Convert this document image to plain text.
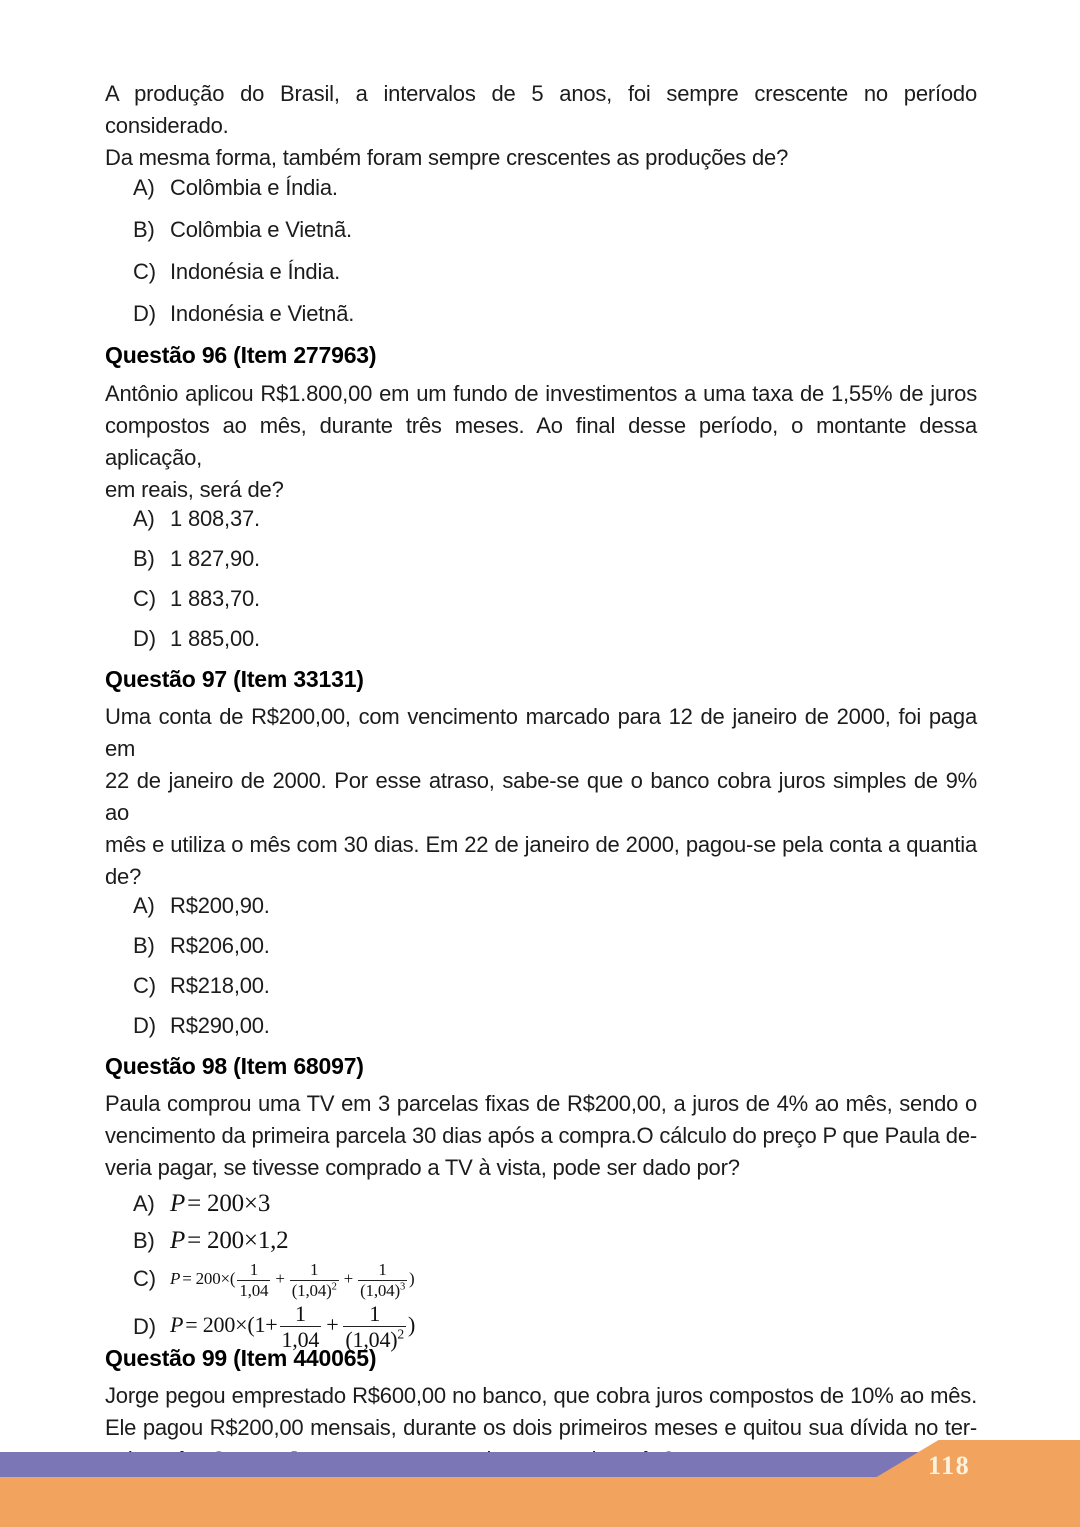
A produção do Brasil, a intervalos de 5 anos, foi sempre crescente no período considerado.
Da mesma forma, também foram sempre crescentes as produções de?
A) Colômbia e Índia.
B) Colômbia e Vietnã.
C) Indonésia e Índia.
D) Indonésia e Vietnã.
Questão 96 (Item 277963)
Antônio aplicou R$1.800,00 em um fundo de investimentos a uma taxa de 1,55% de juros
compostos ao mês, durante três meses. Ao final desse período, o montante dessa aplicação,
em reais, será de?
A) 1 808,37.
B) 1 827,90.
C) 1 883,70.
D) 1 885,00.
Questão 97 (Item 33131)
Uma conta de R$200,00, com vencimento marcado para 12 de janeiro de 2000, foi paga em
22 de janeiro de 2000. Por esse atraso, sabe-se que o banco cobra juros simples de 9% ao
mês e utiliza o mês com 30 dias. Em 22 de janeiro de 2000, pagou-se pela conta a quantia
de?
A) R$200,90.
B) R$206,00.
C) R$218,00.
D) R$290,00.
Questão 98 (Item 68097)
Paula comprou uma TV em 3 parcelas fixas de R$200,00, a juros de 4% ao mês, sendo o
vencimento da primeira parcela 30 dias após a compra.O cálculo do preço P que Paula de-
veria pagar, se tivesse comprado a TV à vista, pode ser dado por?
A) P= 200×3
B) P= 200×1,2
C) $P = 200\times( \frac{1}{1,04} + \frac{1}{(1,04)^2} + \frac{1}{(1,04)^3}$ )
D) $P= 200\times(1+ \frac{1}{1,04} + \frac{1}{(1,04)^2}$ )
Questão 99 (Item 440065)
Jorge pegou emprestado R$600,00 no banco, que cobra juros compostos de 10% ao mês.
Ele pagou R$200,00 mensais, durante os dois primeiros meses e quitou sua dívida no ter-
118
